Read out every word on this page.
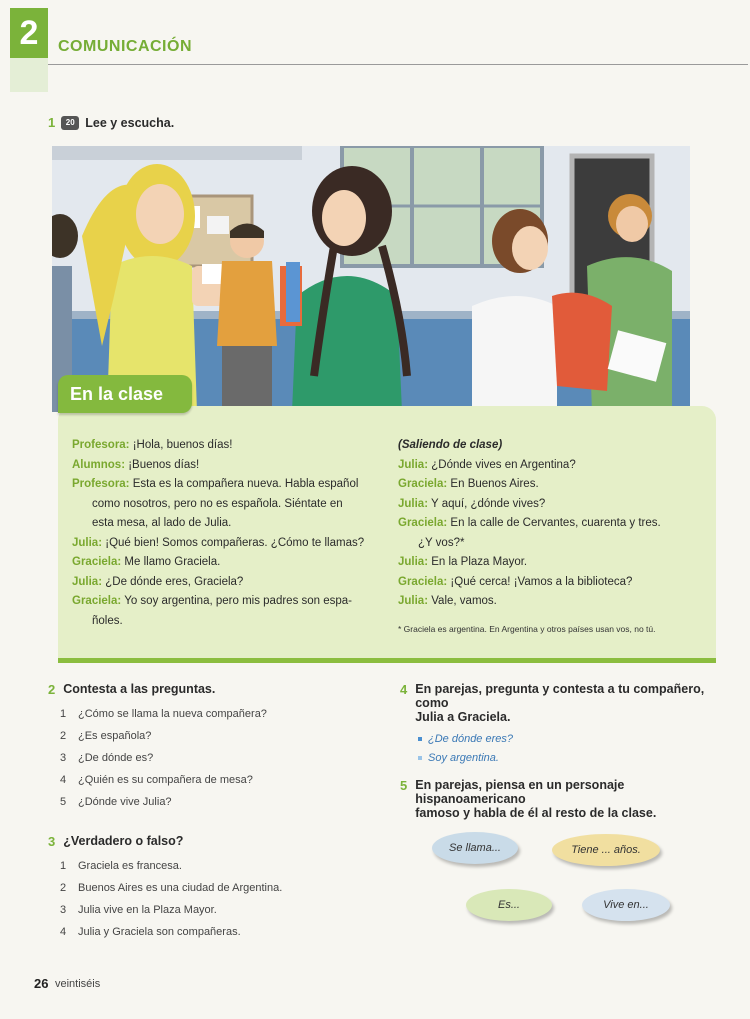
2	COMUNICACIÓN
1	20 Lee y escucha.
En la clase
Profesora: ¡Hola, buenos días!
Alumnos: ¡Buenos días!
Profesora: Esta es la compañera nueva. Habla español
como nosotros, pero no es española. Siéntate en
esta mesa, al lado de Julia.
Julia: ¡Qué bien! Somos compañeras. ¿Cómo te llamas?
Graciela: Me llamo Graciela.
Julia: ¿De dónde eres, Graciela?
Graciela: Yo soy argentina, pero mis padres son espa-
ñoles.
(Saliendo de clase)
Julia: ¿Dónde vives en Argentina?
Graciela: En Buenos Aires.
Julia: Y aquí, ¿dónde vives?
Graciela: En la calle de Cervantes, cuarenta y tres.
¿Y vos?*
Julia: En la Plaza Mayor.
Graciela: ¡Qué cerca! ¡Vamos a la biblioteca?
Julia: Vale, vamos.
* Graciela es argentina. En Argentina y otros países usan vos, no tú.
2 Contesta a las preguntas.
1	¿Cómo se llama la nueva compañera?
2	¿Es española?
3	¿De dónde es?
4	¿Quién es su compañera de mesa?
5	¿Dónde vive Julia?
3 ¿Verdadero o falso?
1	Graciela es francesa.
2	Buenos Aires es una ciudad de Argentina.
3	Julia vive en la Plaza Mayor.
4	Julia y Graciela son compañeras.
4 En parejas, pregunta y contesta a tu compañero, como
Julia a Graciela.
¿De dónde eres?
Soy argentina.
5 En parejas, piensa en un personaje hispanoamericano
famoso y habla de él al resto de la clase.
Se llama...	Tiene ... años.
Es...	Vive en...
26 veintiséis
